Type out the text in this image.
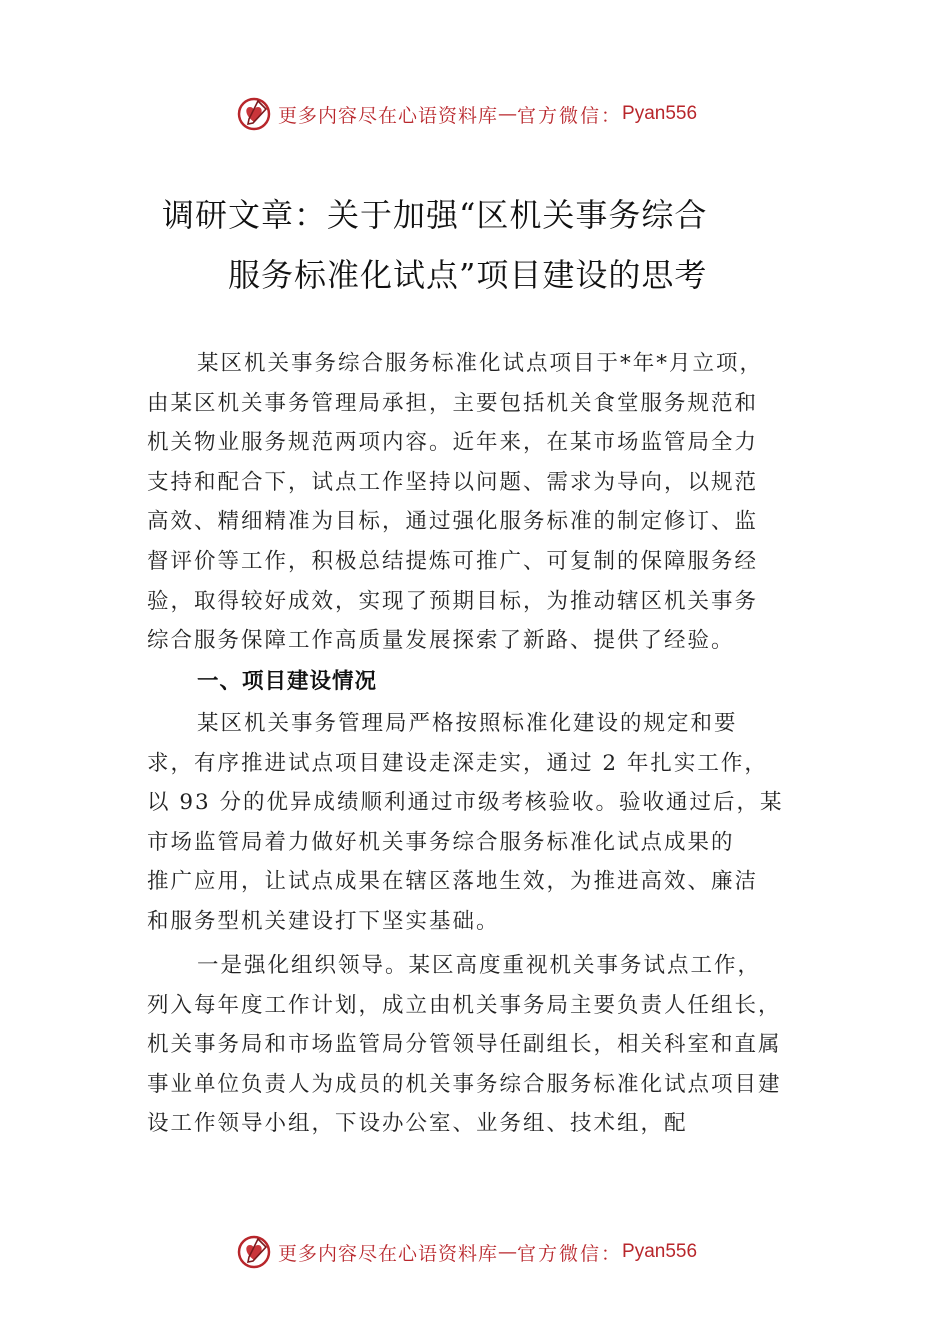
更多内容尽在心语资料库 — 官方微信： Pyan556
调研文章：关于加强“区机关事务综合
服务标准化试点”项目建设的思考
某区机关事务综合服务标准化试点项目于*年*月立项，
由某区机关事务管理局承担，主要包括机关食堂服务规范和
机关物业服务规范两项内容。近年来，在某市场监管局全力
支持和配合下，试点工作坚持以问题、需求为导向，以规范
高效、精细精准为目标，通过强化服务标准的制定修订、监
督评价等工作，积极总结提炼可推广、可复制的保障服务经
验，取得较好成效，实现了预期目标，为推动辖区机关事务
综合服务保障工作高质量发展探索了新路、提供了经验。
一、项目建设情况
某区机关事务管理局严格按照标准化建设的规定和要
求，有序推进试点项目建设走深走实，通过 2 年扎实工作，
以 93 分的优异成绩顺利通过市级考核验收。验收通过后，某
市场监管局着力做好机关事务综合服务标准化试点成果的
推广应用，让试点成果在辖区落地生效，为推进高效、廉洁
和服务型机关建设打下坚实基础。
一是强化组织领导。某区高度重视机关事务试点工作，
列入每年度工作计划，成立由机关事务局主要负责人任组长，
机关事务局和市场监管局分管领导任副组长，相关科室和直属
事业单位负责人为成员的机关事务综合服务标准化试点项目建
设工作领导小组，下设办公室、业务组、技术组，配
更多内容尽在心语资料库 — 官方微信： Pyan556
